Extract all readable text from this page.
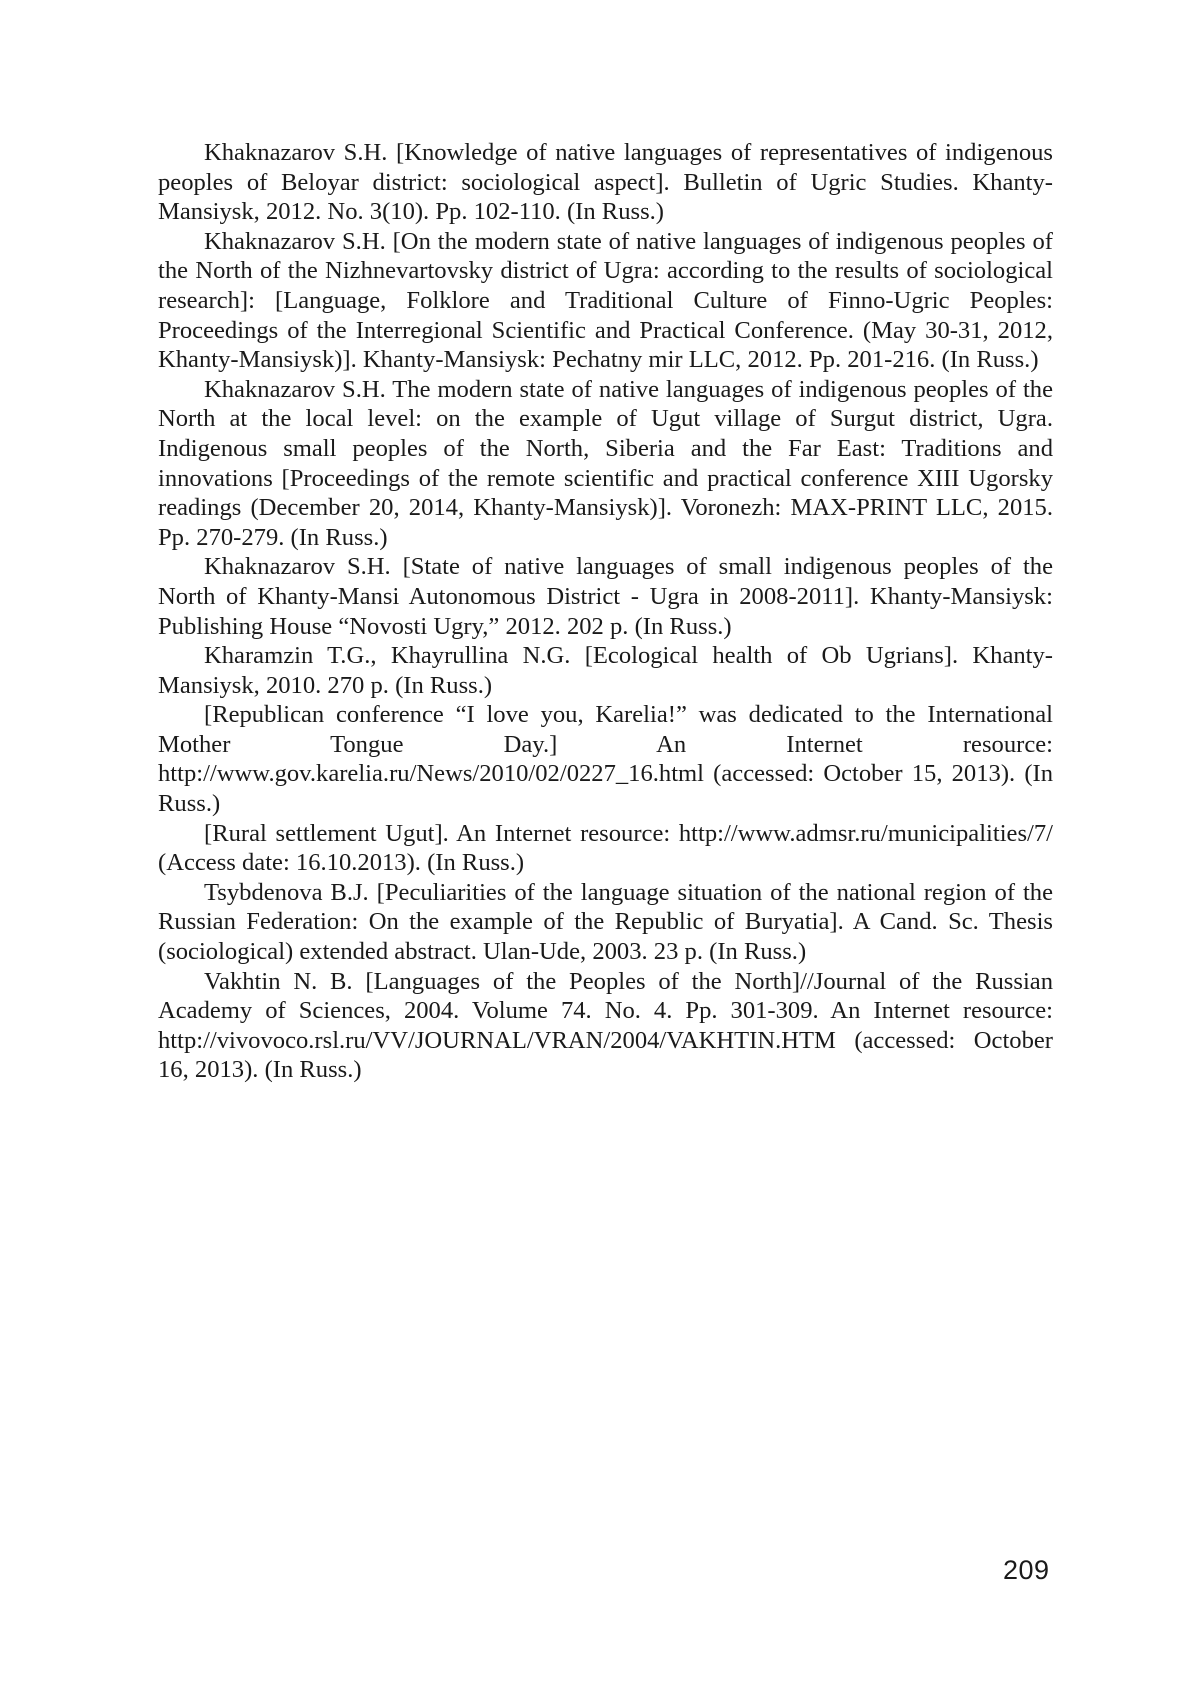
Khaknazarov S.H. [Knowledge of native languages of representatives of indigenous peoples of Beloyar district: sociological aspect]. Bulletin of Ugric Studies. Khanty-Mansiysk, 2012. No. 3(10). Pp. 102-110. (In Russ.)

Khaknazarov S.H. [On the modern state of native languages of indigenous peoples of the North of the Nizhnevartovsky district of Ugra: according to the results of sociological research]: [Language, Folklore and Traditional Culture of Finno-Ugric Peoples: Proceedings of the Interregional Scientific and Practical Conference. (May 30-31, 2012, Khanty-Mansiysk)]. Khanty-Mansiysk: Pechatny mir LLC, 2012. Pp. 201-216. (In Russ.)

Khaknazarov S.H. The modern state of native languages of indigenous peoples of the North at the local level: on the example of Ugut village of Surgut district, Ugra. Indigenous small peoples of the North, Siberia and the Far East: Traditions and innovations [Proceedings of the remote scientific and practical conference XIII Ugorsky readings (December 20, 2014, Khanty-Mansiysk)]. Voronezh: MAX-PRINT LLC, 2015. Pp. 270-279. (In Russ.)

Khaknazarov S.H. [State of native languages of small indigenous peoples of the North of Khanty-Mansi Autonomous District - Ugra in 2008-2011]. Khanty-Mansiysk: Publishing House “Novosti Ugry,” 2012. 202 p. (In Russ.)

Kharamzin T.G., Khayrullina N.G. [Ecological health of Ob Ugrians]. Khanty-Mansiysk, 2010. 270 p. (In Russ.)

[Republican conference “I love you, Karelia!” was dedicated to the International Mother Tongue Day.] An Internet resource: http://www.gov.karelia.ru/News/2010/02/0227_16.html (accessed: October 15, 2013). (In Russ.)

[Rural settlement Ugut]. An Internet resource: http://www.admsr.ru/municipalities/7/ (Access date: 16.10.2013). (In Russ.)

Tsybdenova B.J. [Peculiarities of the language situation of the national region of the Russian Federation: On the example of the Republic of Buryatia]. A Cand. Sc. Thesis (sociological) extended abstract. Ulan-Ude, 2003. 23 p. (In Russ.)

Vakhtin N. B. [Languages of the Peoples of the North]//Journal of the Russian Academy of Sciences, 2004. Volume 74. No. 4. Pp. 301-309. An Internet resource: http://vivovoco.rsl.ru/VV/JOURNAL/VRAN/2004/VAKHTIN.HTM (accessed: October 16, 2013). (In Russ.)

209
